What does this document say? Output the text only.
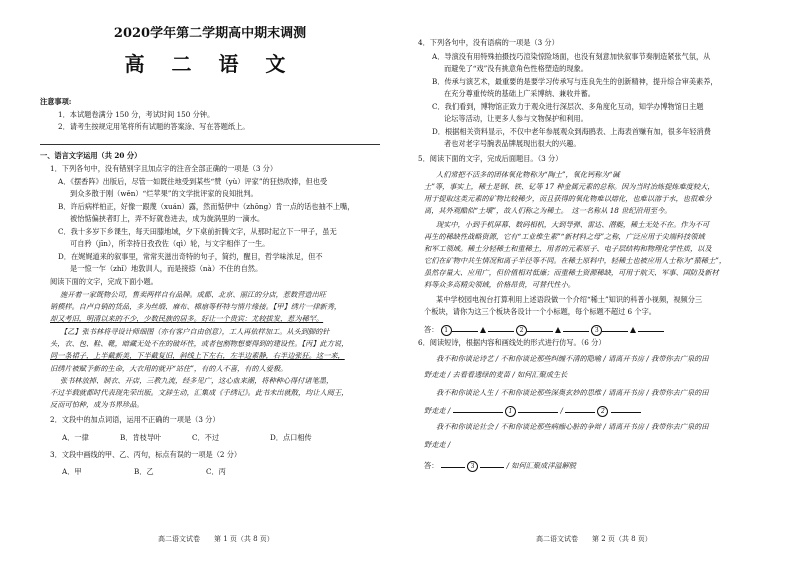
2020学年第二学期高中期末调测
高 二 语 文
注意事项:
1．本试题卷满分 150 分，考试时间 150 分钟。
2．请考生按规定用笔将所有试题的答案涂、写在答题纸上。
一、语言文字运用（共 20 分）
1．下列各句中，没有错别字且加点字的注音全部正确的一项是（3 分）
A．《摆香阵》出版后，尽管一如既往地受到某些“赞（yù）评家”的狂热吹捧，但也受
到众多散于刚（wěn）“烂苹果”的文学批评家的良知批判。
B．许后病样柏正，好像一跟蔑（xuán）露，然而惦伊中（zhōng）肯一点的话也抽不上嘴，
被怡惦偏挟者盯上，弄不好就卷进去，成为旋涡里的一滴水。
C．我十多岁下乡课生，每天田膝地域，夕下桌前折腾文字，从那时起立下一甲子，虽无
可自矜（jīn），所幸持日孜孜佐（qì）轮，与文字相伴了一生。
D．在娓娓道来的叙事里，常常夹滋出奇特的句子，简约，醒目，哲学味浓足，但不
是一惊一乍（zhǐ）地敦训人，而是接捺（nà）不住的自然。
阅读下面的文字，完成下面小题。
施开着一家既物公司，售卖两样自有品牌。成都、北京、丽江的分店，惹数营造出旺
销模样。自卢自销的货品，多为丝缎、麻布、棉扇等杯特与情片缘接。【甲】绣片一律新秀，
却又考旧，明清以来的不少，少数民族的居多。好让一个贵宾：尤较拔发，惹为稀罕。
【乙】张书林将寻设计师细图（亦有客户自由创意），工人再依样加工。从头到脚的针
头，衣、包、鞋、靴，暗藏无处不在的破坏性，或者包割物想要得到的建设性。【丙】此方说，
同一条裙子，上半截新美，下半截复旧，斜线上下左右，左半边素静，右半边张狂。这一来，
旧绣片被赋予新的生命，大衣用的就开“站住”，有的人不喜，有的人爱极。
张书林放掉、制衣、开店，三教九流，经多见广，这心血来潮，将种种心得付诸笔墨，
不过半载就都时代表现先荣出版。文辞生动，汇集成《手绣记》。此书未出就散，均让人阅王，
反而可怕种，成为书界珍品。
2．文段中的加点词语，运用不正确的一项是（3 分）
A．一律	B．肯枝导叶	C．不过	D．点口相传
3．文段中画线的甲、乙、丙句，标点有误的一项是（2 分）
A．甲	B．乙	C．丙
高二语文试卷　　第 1 页（共 8 页）
4．下列各句中，没有语病的一项是（3 分）
A．导演没有用特殊拍摄技巧渲染惊险场面，也没有刻意加快叙事节奏制造紧张气氛，从
而避免了“戏”没有挑意角色性格塑造的现象。
B．传承与演艺术，最重要的是要学习传承写与连良先生的创新精神，提升综合审美素养，
在充分尊重传统的基础上广采博纳、兼收并蓄。
C．我们看到，博物馆正致力于观众进行深层次、多角度化互动，知学办博物馆日主题
论坛等活动，让更多人参与文物保护和利用。
D．根据相关资料显示，不仅中老年参展观众到海鸥表、上海表首赚有加，很多年轻消费
者也对老字号腕表品牌展现出很大的兴趣。
5．阅读下面的文字，完成后面题目。（3 分）
人们常把不活多的团体氧化物称为“陶土”，氧化钙称为“碱
土”等，事实上，稀土是钢、铁、钇等 17 种金属元素的总称。因为当时冶炼提炼难度较大，
用于提取这类元素的矿物比较稀少，而且获得的氧化物难以熔化，也难以溶于水，也很难分
离，其外观酷似“土壤”，故人们称之为稀土。　这一名称从 18 世纪沿用至今。
现实中，小到手机屏幕、数码相机，大到导弹、雷达、潜艇，稀土无处不在。作为不可
再生的稀缺性战略资源，它有“工业维生素”“新材料之母”之称，广泛应用于尖端科技领域
和军工领域。稀土分轻稀土和重稀土，用者的元素原子、电子层结构和物理化学性质，以及
它们在矿物中共生情况和离子半径等不同。在稀土原料中，轻稀土也被应用人士称为“猿稀土”，
虽然存量大、应用广，但价值相对低廉；而重稀土资源稀缺，可用于航天、军事、国防及新材
料等众多高精尖领域，价格昂贵，可替代性小。
某中学校园电视台打算利用上述语段做一个介绍“稀土”知识的科普小视频，视频分三
个板块，请你为这三个板块各设计一个小标题，每个标题不超过 6 个字。
答： 1	2	3
6．阅读短诗，根据内容和画线处的形式进行仿写。（6 分）
我不和你谈论诗艺 / 不和你谈论那些纠缠不清的隐喻 / 请离开书房 / 我带你去广泉的田
野走走 / 去看看透绿的麦苗 / 如何汇聚成生长
我不和你谈论人生 / 不和你谈论那些深奥玄妙的思维 / 请离开书房 / 我带你去广泉的田
野走走 /	1	/	2
我不和你谈论社会 / 不和你谈论那些病痂心脏的争辩 / 请离开书房 / 我带你去广泉的田
野走走 /
答：	3	/ 如何汇聚成洋溢解脱
高二语文试卷　　第 2 页（共 8 页）
